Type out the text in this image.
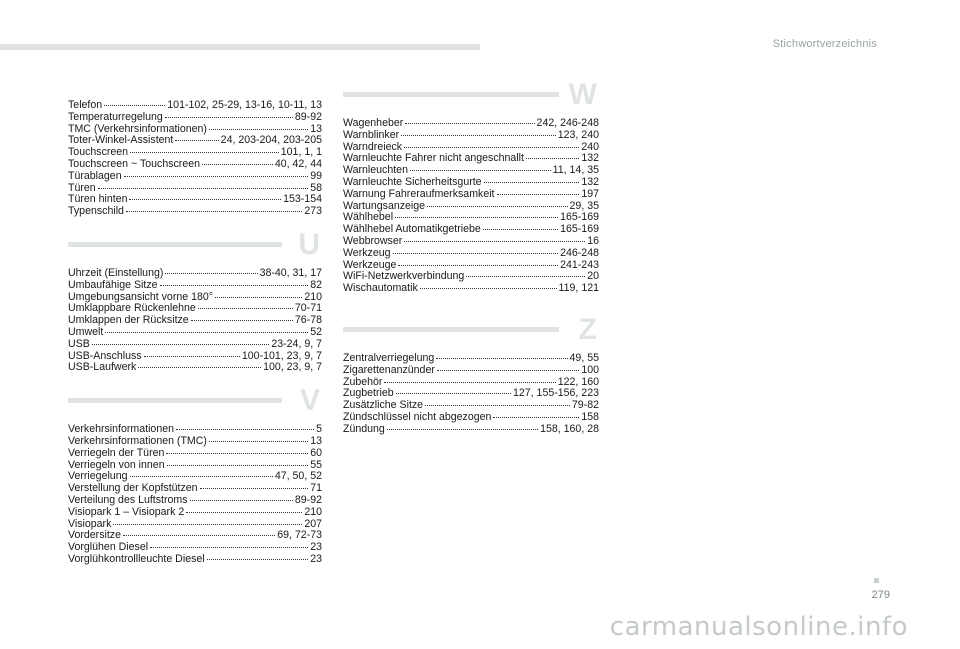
Stichwortverzeichnis
Telefon	101-102, 25-29, 13-16, 10-11, 13
Temperaturregelung	89-92
TMC (Verkehrsinformationen)	13
Toter-Winkel-Assistent	24, 203-204, 203-205
Touchscreen	101, 1, 1
Touchscreen ~ Touchscreen	40, 42, 44
Türablagen	99
Türen	58
Türen hinten	153-154
Typenschild	273
U
Uhrzeit (Einstellung)	38-40, 31, 17
Umbaufähige Sitze	82
Umgebungsansicht vorne 180°	210
Umklappbare Rückenlehne	70-71
Umklappen der Rücksitze	76-78
Umwelt	52
USB	23-24, 9, 7
USB-Anschluss	100-101, 23, 9, 7
USB-Laufwerk	100, 23, 9, 7
V
Verkehrsinformationen	5
Verkehrsinformationen (TMC)	13
Verriegeln der Türen	60
Verriegeln von innen	55
Verriegelung	47, 50, 52
Verstellung der Kopfstützen	71
Verteilung des Luftstroms	89-92
Visiopark 1 – Visiopark 2	210
Visiopark	207
Vordersitze	69, 72-73
Vorglühen Diesel	23
Vorglühkontrollleuchte Diesel	23
W
Wagenheber	242, 246-248
Warnblinker	123, 240
Warndreieck	240
Warnleuchte Fahrer nicht angeschnallt	132
Warnleuchten	11, 14, 35
Warnleuchte Sicherheitsgurte	132
Warnung Fahreraufmerksamkeit	197
Wartungsanzeige	29, 35
Wählhebel	165-169
Wählhebel Automatikgetriebe	165-169
Webbrowser	16
Werkzeug	246-248
Werkzeuge	241-243
WiFi-Netzwerkverbindung	20
Wischautomatik	119, 121
Z
Zentralverriegelung	49, 55
Zigarettenanzünder	100
Zubehör	122, 160
Zugbetrieb	127, 155-156, 223
Zusätzliche Sitze	79-82
Zündschlüssel nicht abgezogen	158
Zündung	158, 160, 28
279
carmanualsonline.info
